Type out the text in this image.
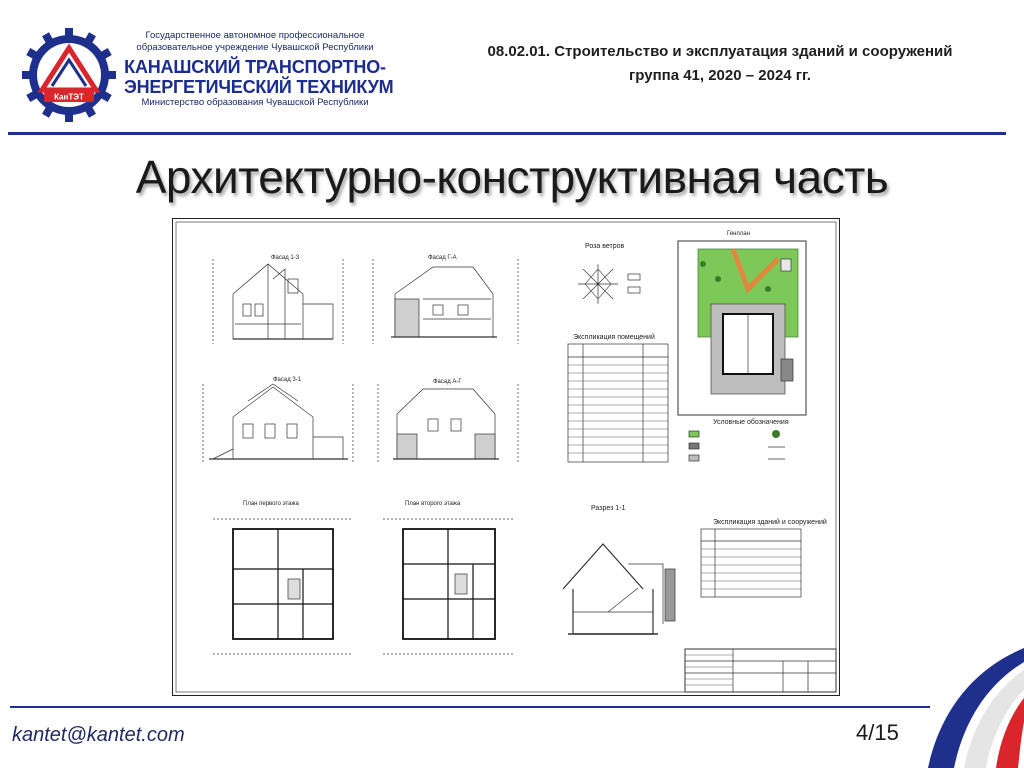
КанТЭТ
Государственное автономное профессиональное
образовательное учреждение Чувашской Республики
КАНАШСКИЙ ТРАНСПОРТНО-
ЭНЕРГЕТИЧЕСКИЙ ТЕХНИКУМ
Министерство образования Чувашской Республики
08.02.01. Строительство и эксплуатация зданий и сооружений
группа 41, 2020 – 2024 гг.
Архитектурно-конструктивная часть
Фасад 1-3	Фасад Г-А
Фасад 3-1	Фасад А-Г
План первого этажа	План второго этажа
Роза ветров
Экспликация помещений
Разрез 1-1
Генплан
Условные обозначения
Экспликация зданий и сооружений
kantet@kantet.com	4/15
